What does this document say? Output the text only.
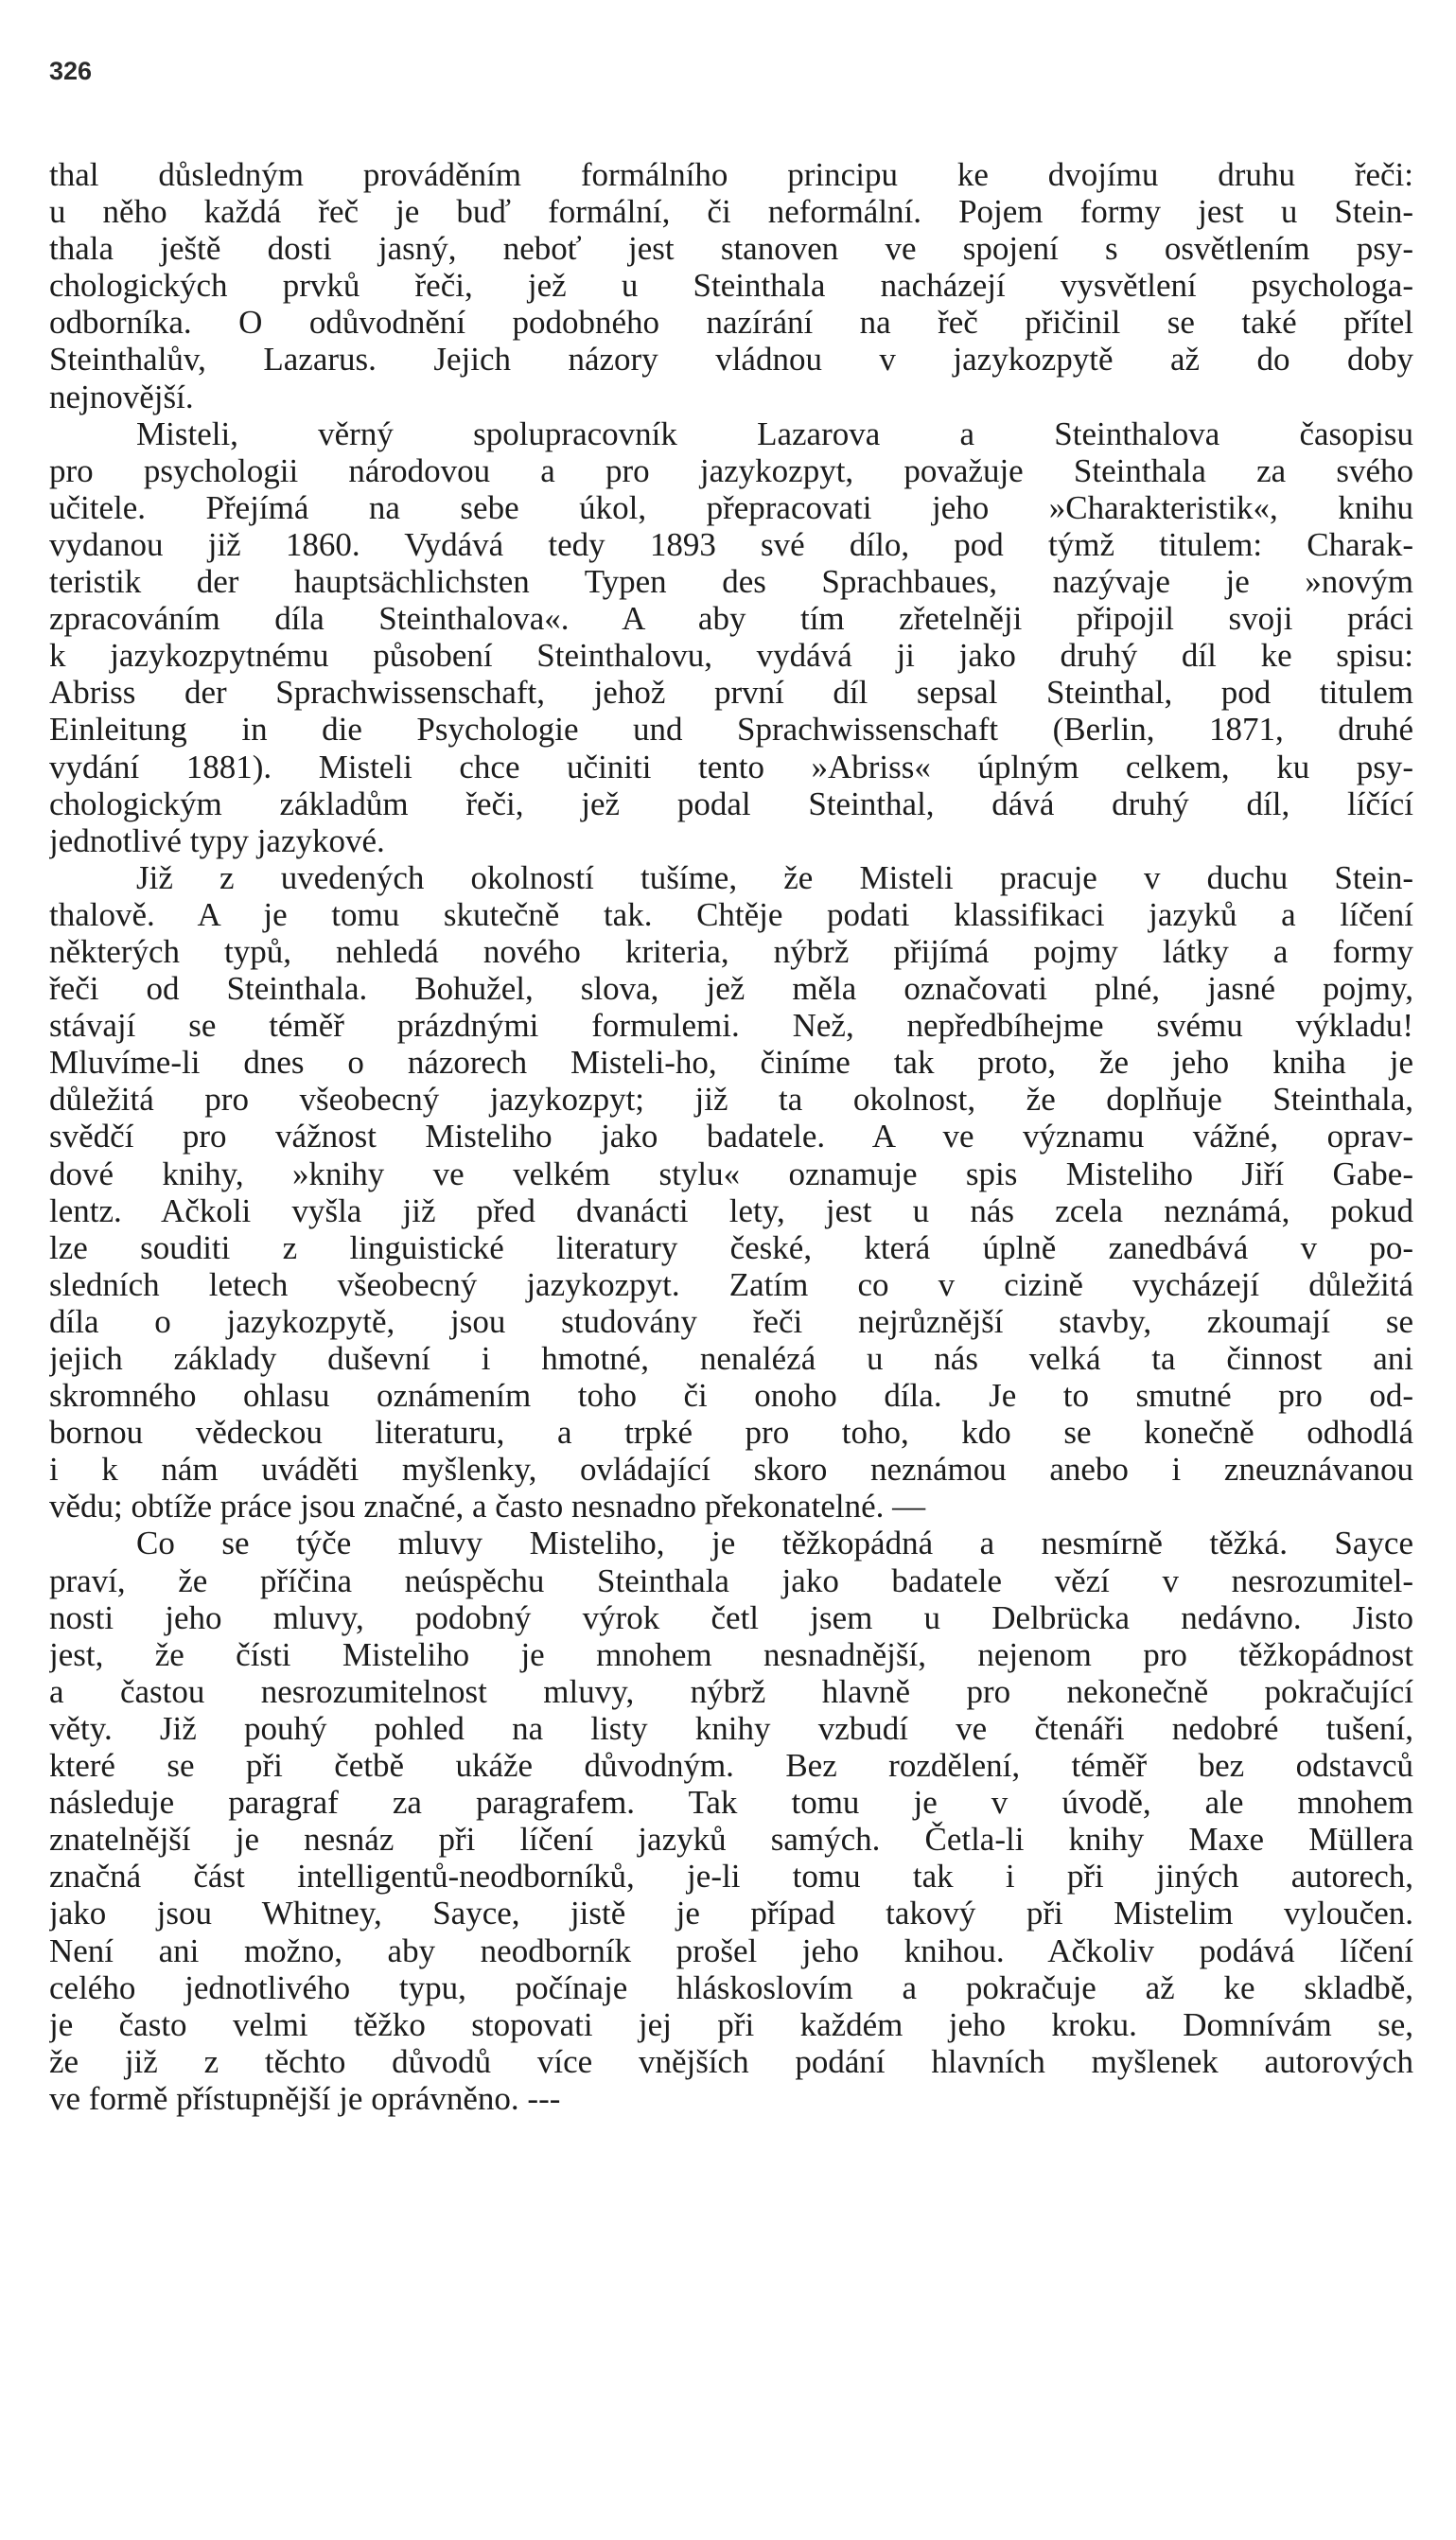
326
thal důsledným prováděním formálního principu ke dvojímu druhu řeči:
u něho každá řeč je buď formální, či neformální. Pojem formy jest u Stein-
thala ještě dosti jasný, neboť jest stanoven ve spojení s osvětlením psy-
chologických prvků řeči, jež u Steinthala nacházejí vysvětlení psychologa-
odborníka. O odůvodnění podobného nazírání na řeč přičinil se také přítel
Steinthalův, Lazarus. Jejich názory vládnou v jazykozpytě až do doby
nejnovější.
Misteli, věrný spolupracovník Lazarova a Steinthalova časopisu
pro psychologii národovou a pro jazykozpyt, považuje Steinthala za svého
učitele. Přejímá na sebe úkol, přepracovati jeho »Charakteristik«, knihu
vydanou již 1860. Vydává tedy 1893 své dílo, pod týmž titulem: Charak-
teristik der hauptsächlichsten Typen des Sprachbaues, nazývaje je »novým
zpracováním díla Steinthalova«. A aby tím zřetelněji připojil svoji práci
k jazykozpytnému působení Steinthalovu, vydává ji jako druhý díl ke spisu:
Abriss der Sprachwissenschaft, jehož první díl sepsal Steinthal, pod titulem
Einleitung in die Psychologie und Sprachwissenschaft (Berlin, 1871, druhé
vydání 1881). Misteli chce učiniti tento »Abriss« úplným celkem, ku psy-
chologickým základům řeči, jež podal Steinthal, dává druhý díl, líčící
jednotlivé typy jazykové.
Již z uvedených okolností tušíme, že Misteli pracuje v duchu Stein-
thalově. A je tomu skutečně tak. Chtěje podati klassifikaci jazyků a líčení
některých typů, nehledá nového kriteria, nýbrž přijímá pojmy látky a formy
řeči od Steinthala. Bohužel, slova, jež měla označovati plné, jasné pojmy,
stávají se téměř prázdnými formulemi. Než, nepředbíhejme svému výkladu!
Mluvíme-li dnes o názorech Misteli-ho, činíme tak proto, že jeho kniha je
důležitá pro všeobecný jazykozpyt; již ta okolnost, že doplňuje Steinthala,
svědčí pro vážnost Misteliho jako badatele. A ve významu vážné, oprav-
dové knihy, »knihy ve velkém stylu« oznamuje spis Misteliho Jiří Gabe-
lentz. Ačkoli vyšla již před dvanácti lety, jest u nás zcela neznámá, pokud
lze souditi z linguistické literatury české, která úplně zanedbává v po-
sledních letech všeobecný jazykozpyt. Zatím co v cizině vycházejí důležitá
díla o jazykozpytě, jsou studovány řeči nejrůznější stavby, zkoumají se
jejich základy duševní i hmotné, nenalézá u nás velká ta činnost ani
skromného ohlasu oznámením toho či onoho díla. Je to smutné pro od-
bornou vědeckou literaturu, a trpké pro toho, kdo se konečně odhodlá
i k nám uváděti myšlenky, ovládající skoro neznámou anebo i zneuznávanou
vědu; obtíže práce jsou značné, a často nesnadno překonatelné. —
Co se týče mluvy Misteliho, je těžkopádná a nesmírně těžká. Sayce
praví, že příčina neúspěchu Steinthala jako badatele vězí v nesrozumitel-
nosti jeho mluvy, podobný výrok četl jsem u Delbrücka nedávno. Jisto
jest, že čísti Misteliho je mnohem nesnadnější, nejenom pro těžkopádnost
a častou nesrozumitelnost mluvy, nýbrž hlavně pro nekonečně pokračující
věty. Již pouhý pohled na listy knihy vzbudí ve čtenáři nedobré tušení,
které se při četbě ukáže důvodným. Bez rozdělení, téměř bez odstavců
následuje paragraf za paragrafem. Tak tomu je v úvodě, ale mnohem
znatelnější je nesnáz při líčení jazyků samých. Četla-li knihy Maxe Müllera
značná část intelligentů-neodborníků, je-li tomu tak i při jiných autorech,
jako jsou Whitney, Sayce, jistě je případ takový při Mistelim vyloučen.
Není ani možno, aby neodborník prošel jeho knihou. Ačkoliv podává líčení
celého jednotlivého typu, počínaje hláskoslovím a pokračuje až ke skladbě,
je často velmi těžko stopovati jej při každém jeho kroku. Domnívám se,
že již z těchto důvodů více vnějších podání hlavních myšlenek autorových
ve formě přístupnější je oprávněno. ---
